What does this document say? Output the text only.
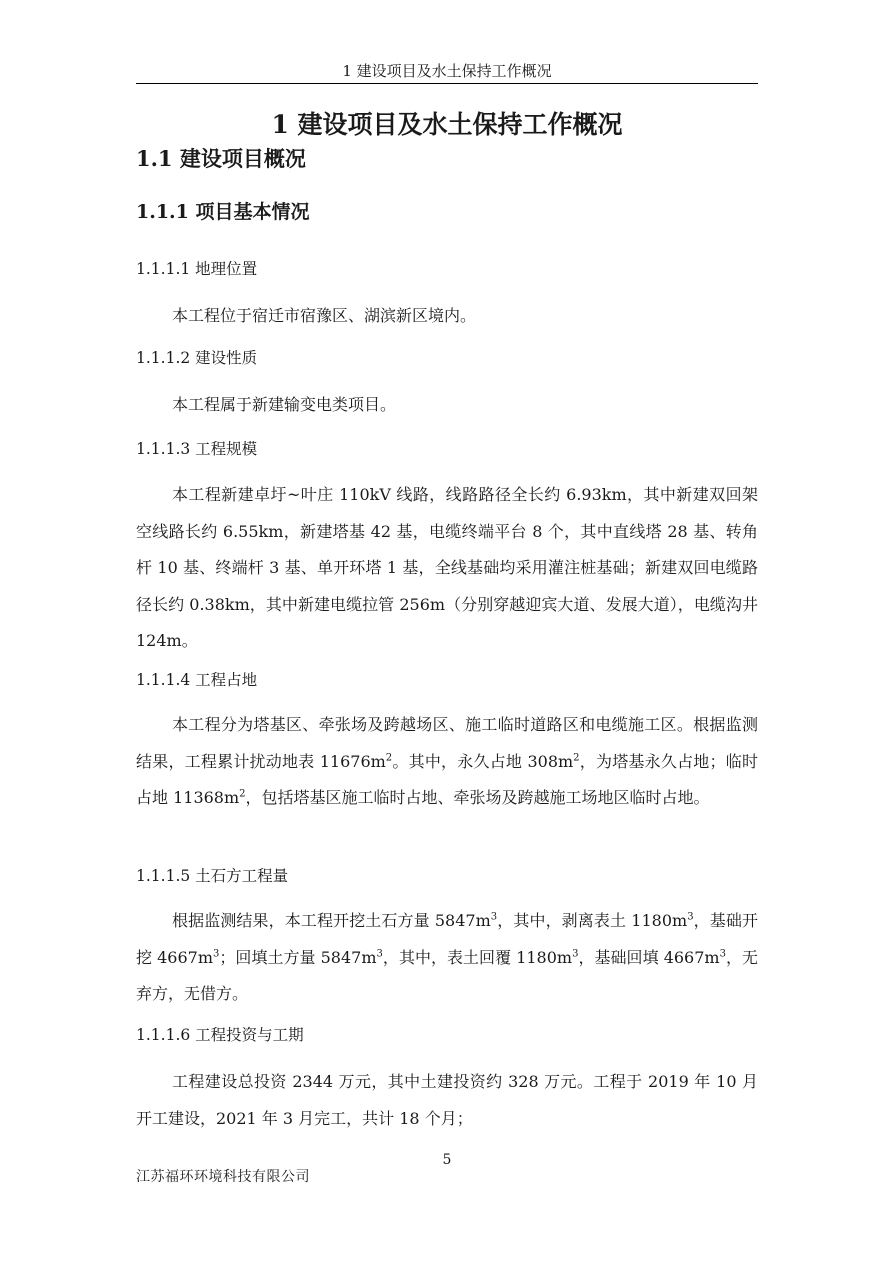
1 建设项目及水土保持工作概况
1 建设项目及水土保持工作概况
1.1 建设项目概况
1.1.1 项目基本情况
1.1.1.1 地理位置

本工程位于宿迁市宿豫区、湖滨新区境内。

1.1.1.2 建设性质

本工程属于新建输变电类项目。

1.1.1.3 工程规模

本工程新建卓圩~叶庄 110kV 线路，线路路径全长约 6.93km，其中新建双回架空线路长约 6.55km，新建塔基 42 基，电缆终端平台 8 个，其中直线塔 28 基、转角杆 10 基、终端杆 3 基、单开环塔 1 基，全线基础均采用灌注桩基础；新建双回电缆路径长约 0.38km，其中新建电缆拉管 256m（分别穿越迎宾大道、发展大道），电缆沟井 124m。

1.1.1.4 工程占地

本工程分为塔基区、牵张场及跨越场区、施工临时道路区和电缆施工区。根据监测结果，工程累计扰动地表 $11676m^2$。其中，永久占地 $308m^2$，为塔基永久占地；临时占地 $11368m^2$，包括塔基区施工临时占地、牵张场及跨越施工场地区临时占地。

1.1.1.5 土石方工程量

根据监测结果，本工程开挖土石方量 $5847m^3$，其中，剥离表土 $1180m^3$，基础开挖 $4667m^3$；回填土方量 $5847m^3$，其中，表土回覆 $1180m^3$，基础回填 $4667m^3$，无弃方，无借方。

1.1.1.6 工程投资与工期

工程建设总投资 2344 万元，其中土建投资约 328 万元。工程于 2019 年 10 月开工建设，2021 年 3 月完工，共计 18 个月；

5
江苏福环环境科技有限公司
